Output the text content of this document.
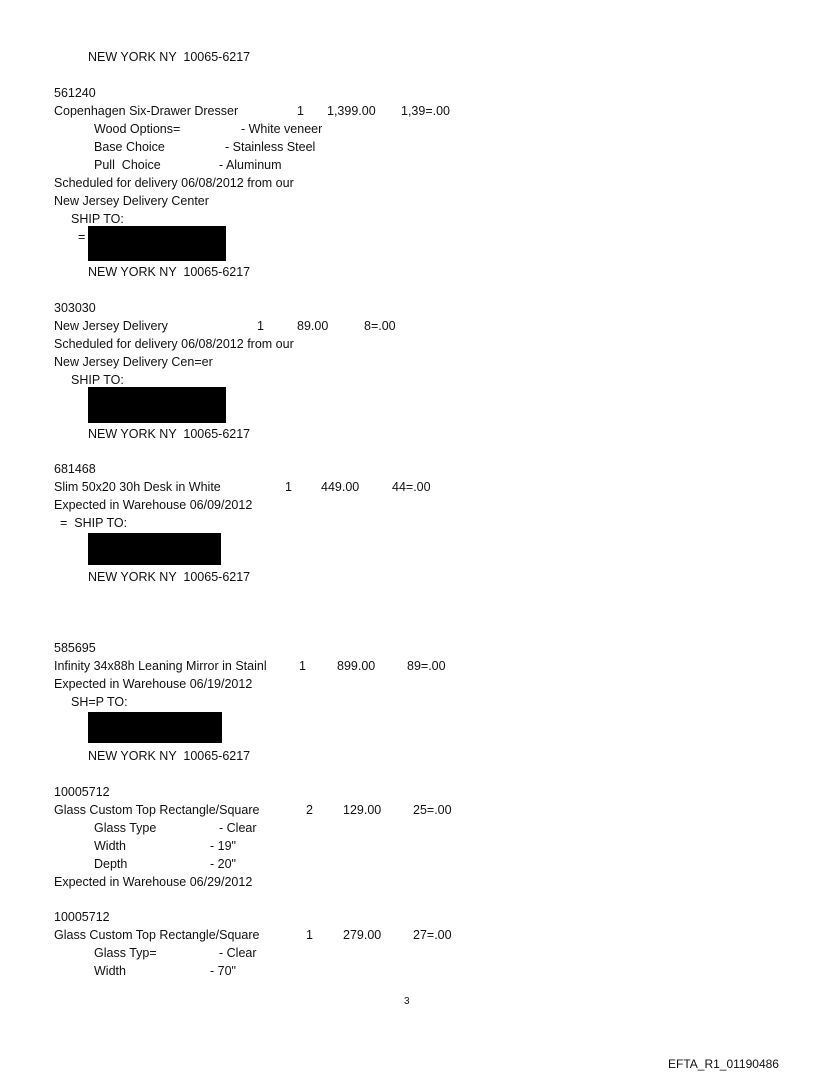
NEW YORK NY  10065-6217
561240
Copenhagen Six-Drawer Dresser	1 1,399.00 1,39=.00
Wood Options=	- White veneer
Base Choice	- Stainless Steel
Pull  Choice	- Aluminum
Scheduled for delivery 06/08/2012 from our
New Jersey Delivery Center
SHIP TO:
=
NEW YORK NY  10065-6217
303030
New Jersey Delivery	1	89.00	8=.00
Scheduled for delivery 06/08/2012 from our
New Jersey Delivery Cen=er
SHIP TO:
NEW YORK NY  10065-6217
681468
Slim 50x20 30h Desk in White	1 449.00	44=.00
Expected in Warehouse 06/09/2012
=  SHIP TO:
NEW YORK NY  10065-6217
585695
Infinity 34x88h Leaning Mirror in Stainl	1 899.00	89=.00
Expected in Warehouse 06/19/2012
SH=P TO:
NEW YORK NY  10065-6217
10005712
Glass Custom Top Rectangle/Square	2 129.00	25=.00
Glass Type	- Clear
Width	- 19"
Depth	- 20"
Expected in Warehouse 06/29/2012
10005712
Glass Custom Top Rectangle/Square	1 279.00	27=.00
Glass Typ=	- Clear
Width	- 70"
3
EFTA_R1_01190486
